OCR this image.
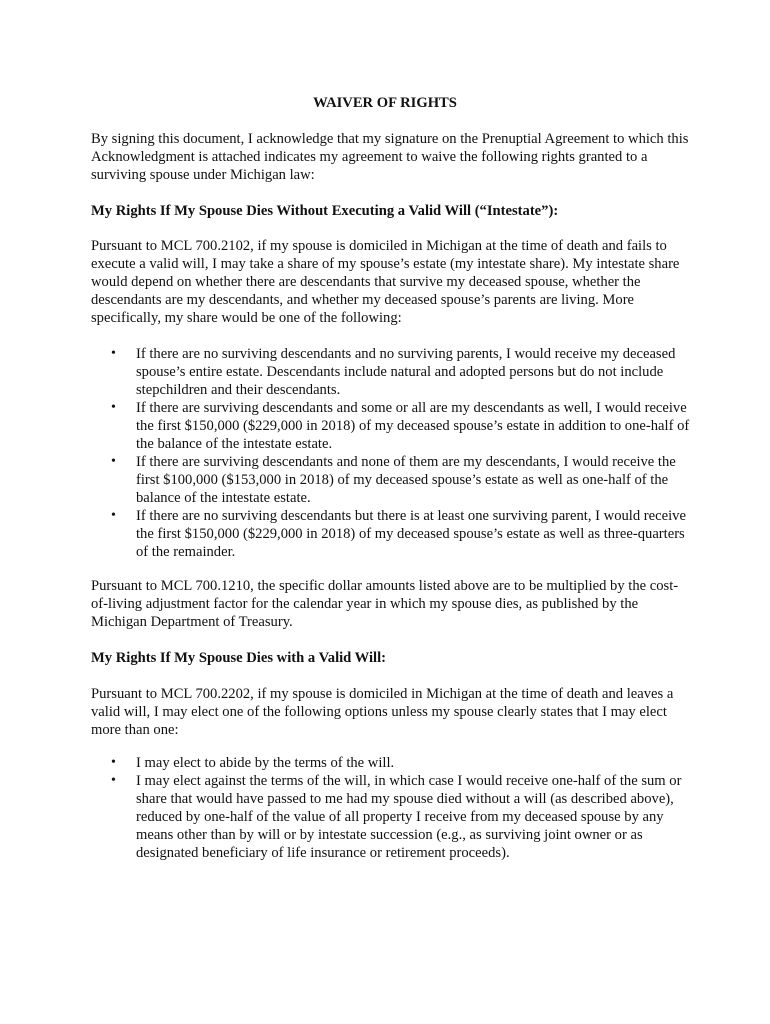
WAIVER OF RIGHTS

By signing this document, I acknowledge that my signature on the Prenuptial Agreement to which this Acknowledgment is attached indicates my agreement to waive the following rights granted to a surviving spouse under Michigan law:

My Rights If My Spouse Dies Without Executing a Valid Will (“Intestate”):

Pursuant to MCL 700.2102, if my spouse is domiciled in Michigan at the time of death and fails to execute a valid will, I may take a share of my spouse’s estate (my intestate share). My intestate share would depend on whether there are descendants that survive my deceased spouse, whether the descendants are my descendants, and whether my deceased spouse’s parents are living. More specifically, my share would be one of the following:

• If there are no surviving descendants and no surviving parents, I would receive my deceased spouse’s entire estate. Descendants include natural and adopted persons but do not include stepchildren and their descendants.
• If there are surviving descendants and some or all are my descendants as well, I would receive the first $150,000 ($229,000 in 2018) of my deceased spouse’s estate in addition to one-half of the balance of the intestate estate.
• If there are surviving descendants and none of them are my descendants, I would receive the first $100,000 ($153,000 in 2018) of my deceased spouse’s estate as well as one-half of the balance of the intestate estate.
• If there are no surviving descendants but there is at least one surviving parent, I would receive the first $150,000 ($229,000 in 2018) of my deceased spouse’s estate as well as three-quarters of the remainder.

Pursuant to MCL 700.1210, the specific dollar amounts listed above are to be multiplied by the cost-of-living adjustment factor for the calendar year in which my spouse dies, as published by the Michigan Department of Treasury.

My Rights If My Spouse Dies with a Valid Will:

Pursuant to MCL 700.2202, if my spouse is domiciled in Michigan at the time of death and leaves a valid will, I may elect one of the following options unless my spouse clearly states that I may elect more than one:

• I may elect to abide by the terms of the will.
• I may elect against the terms of the will, in which case I would receive one-half of the sum or share that would have passed to me had my spouse died without a will (as described above), reduced by one-half of the value of all property I receive from my deceased spouse by any means other than by will or by intestate succession (e.g., as surviving joint owner or as designated beneficiary of life insurance or retirement proceeds).
